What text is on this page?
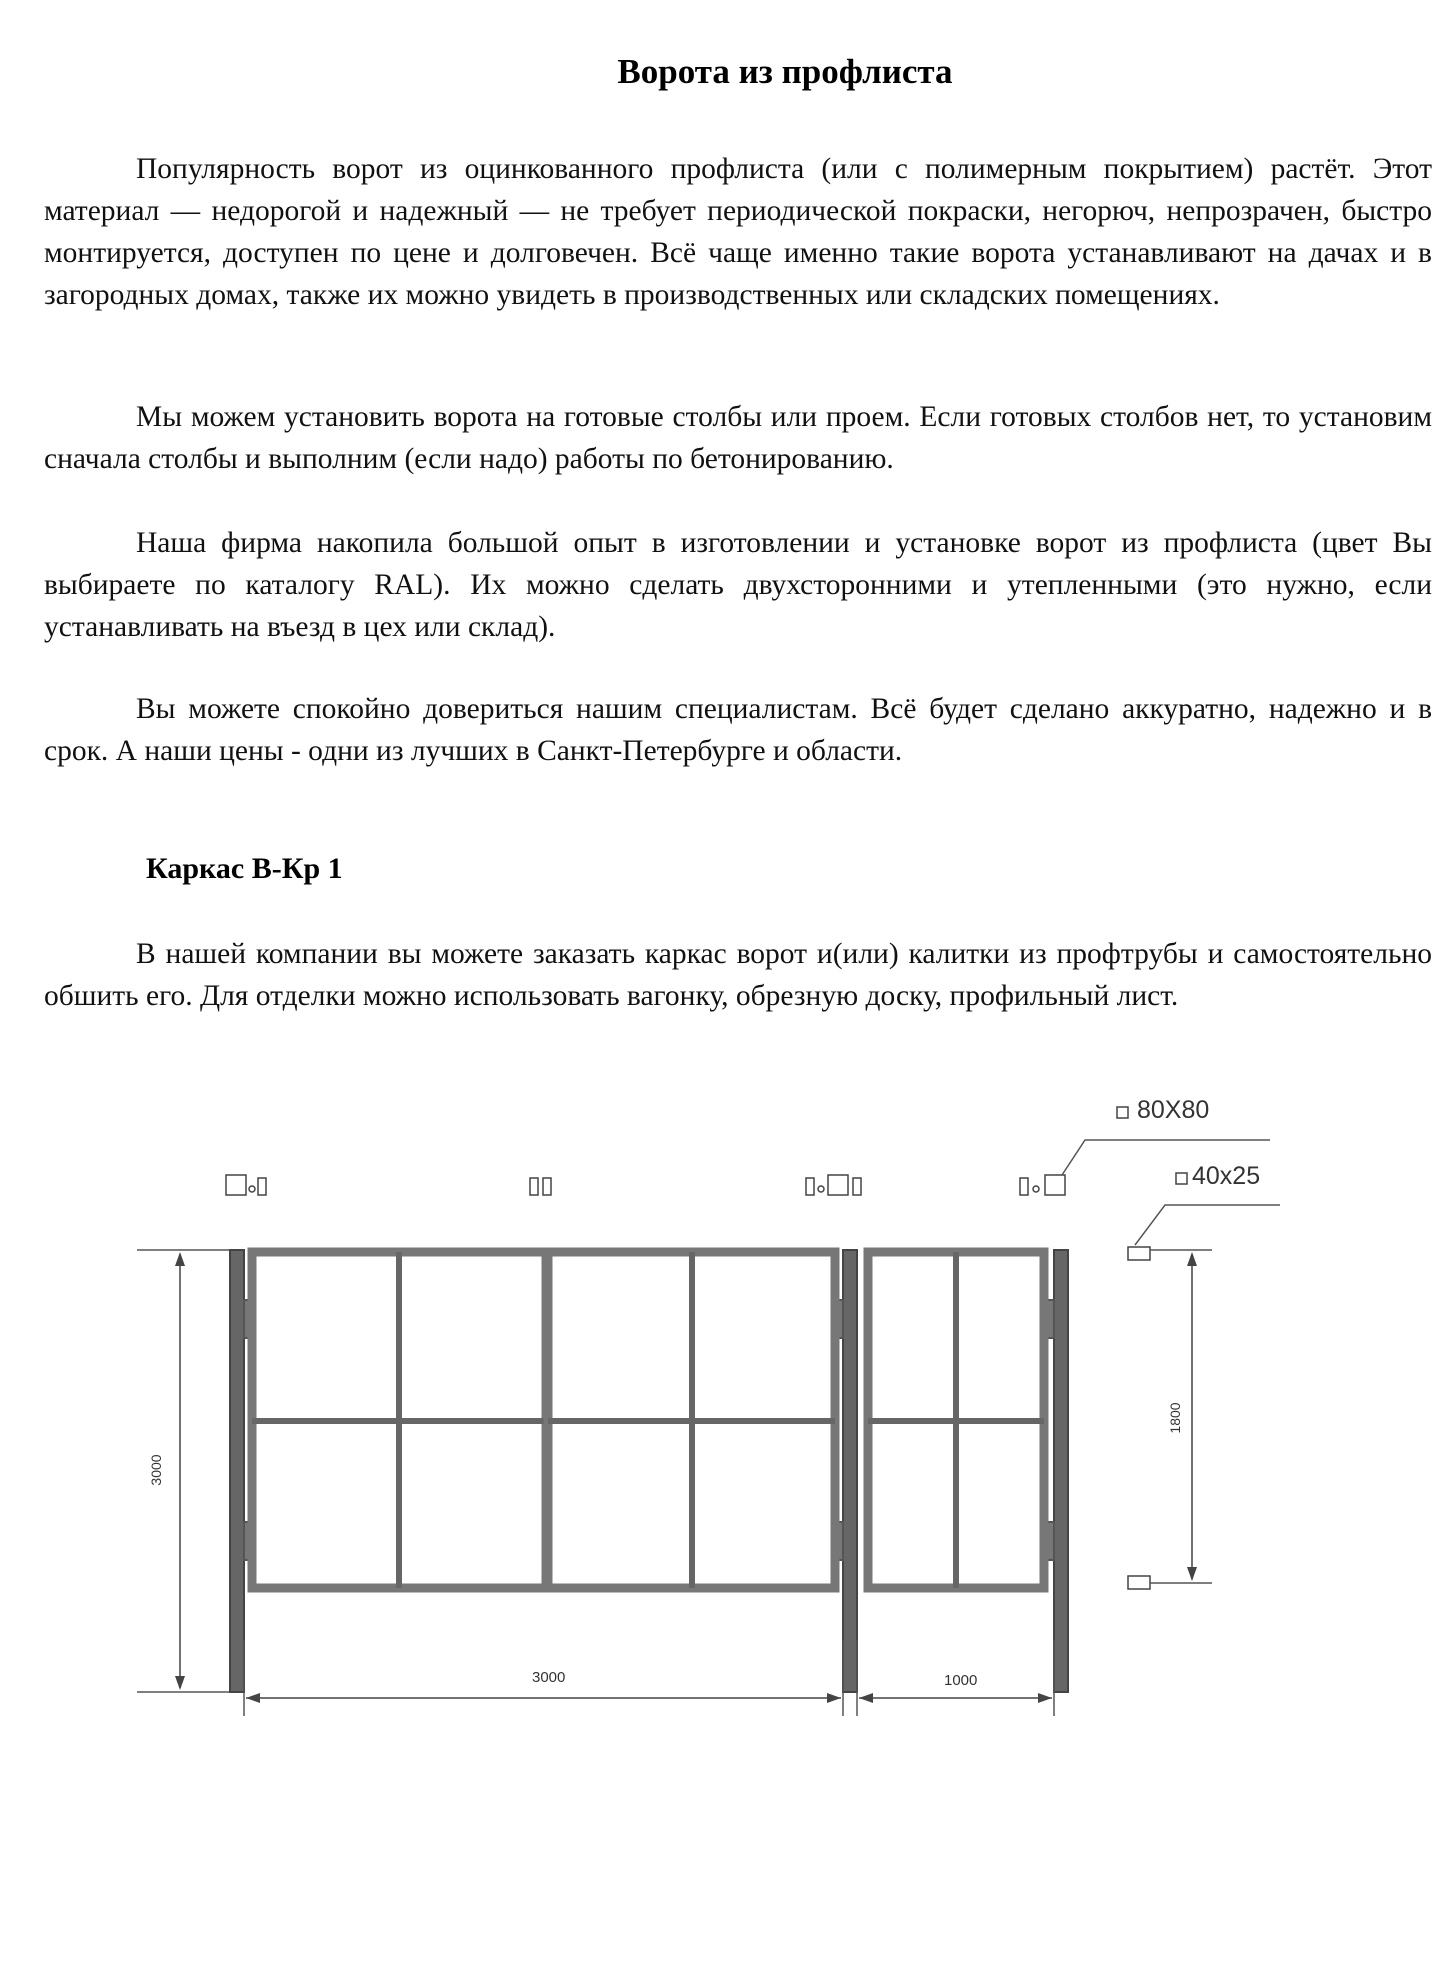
Ворота из профлиста

Популярность ворот из оцинкованного профлиста (или с полимерным покрытием) растёт. Этот материал — недорогой и надежный — не требует периодической покраски, негорюч, непрозрачен, быстро монтируется, доступен по цене и долговечен. Всё чаще именно такие ворота устанавливают на дачах и в загородных домах, также их можно увидеть в производственных или складских помещениях.

Мы можем установить ворота на готовые столбы или проем. Если готовых столбов нет, то установим сначала столбы и выполним (если надо) работы по бетонированию.

Наша фирма накопила большой опыт в изготовлении и установке ворот из профлиста (цвет Вы выбираете по каталогу RAL). Их можно сделать двухсторонними и утепленными (это нужно, если устанавливать на въезд в цех или склад).

Вы можете спокойно довериться нашим специалистам. Всё будет сделано аккуратно, надежно и в срок. А наши цены - одни из лучших в Санкт-Петербурге и области.

Каркас В-Кр 1

В нашей компании вы можете заказать каркас ворот и(или) калитки из профтрубы и самостоятельно обшить его. Для отделки можно использовать вагонку, обрезную доску, профильный лист.

80X80
40x25
3000	1000
3000
1800
